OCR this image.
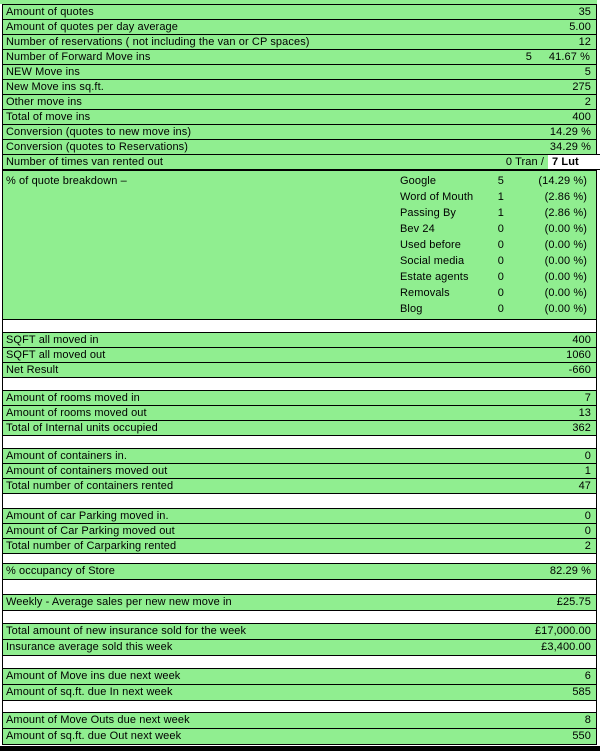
Amount of quotes	35
Amount of quotes per day average	5.00
Number of reservations ( not including the van or CP spaces)	12
Number of Forward Move ins	5	41.67 %
NEW Move ins	5
New Move ins sq.ft.	275
Other move ins	2
Total of move ins	400
Conversion (quotes to new move ins)	14.29 %
Conversion (quotes to Reservations)	34.29 %
Number of times van rented out	0 Tran / 7 Lut
% of quote breakdown –	Google	5	(14.29 %)
Word of Mouth	1	(2.86 %)
Passing By	1	(2.86 %)
Bev 24	0	(0.00 %)
Used before	0	(0.00 %)
Social media	0	(0.00 %)
Estate agents	0	(0.00 %)
Removals	0	(0.00 %)
Blog	0	(0.00 %)
SQFT all moved in	400
SQFT all moved out	1060
Net Result	-660
Amount of rooms moved in	7
Amount of rooms moved out	13
Total of Internal units occupied	362
Amount of containers in.	0
Amount of containers moved out	1
Total number of containers rented	47
Amount of car Parking moved in.	0
Amount of Car Parking moved out	0
Total number of Carparking rented	2
% occupancy of Store	82.29 %
Weekly - Average sales per new new move in	£25.75
Total amount of new insurance sold for the week	£17,000.00
Insurance average sold this week	£3,400.00
Amount of Move ins due next week	6
Amount of sq.ft. due In next week	585
Amount of Move Outs due next week	8
Amount of sq.ft. due Out next week	550
